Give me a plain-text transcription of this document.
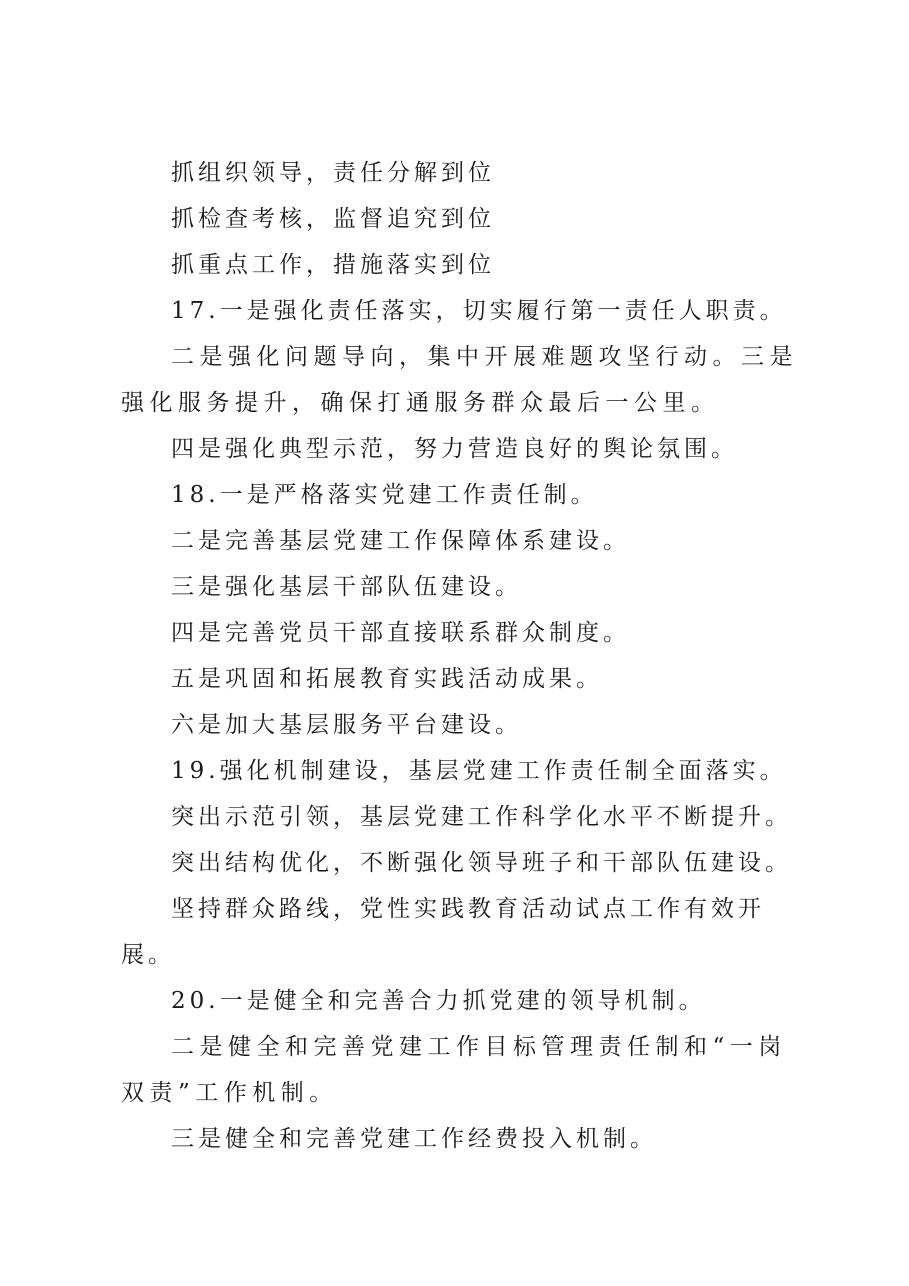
抓组织领导，责任分解到位

抓检查考核，监督追究到位

抓重点工作，措施落实到位

17.一是强化责任落实，切实履行第一责任人职责。

二是强化问题导向，集中开展难题攻坚行动。三是强化服务提升，确保打通服务群众最后一公里。

四是强化典型示范，努力营造良好的舆论氛围。

18.一是严格落实党建工作责任制。

二是完善基层党建工作保障体系建设。

三是强化基层干部队伍建设。

四是完善党员干部直接联系群众制度。

五是巩固和拓展教育实践活动成果。

六是加大基层服务平台建设。

19.强化机制建设，基层党建工作责任制全面落实。

突出示范引领，基层党建工作科学化水平不断提升。

突出结构优化，不断强化领导班子和干部队伍建设。

坚持群众路线，党性实践教育活动试点工作有效开展。

20.一是健全和完善合力抓党建的领导机制。

二是健全和完善党建工作目标管理责任制和“一岗双责”工作机制。

三是健全和完善党建工作经费投入机制。
